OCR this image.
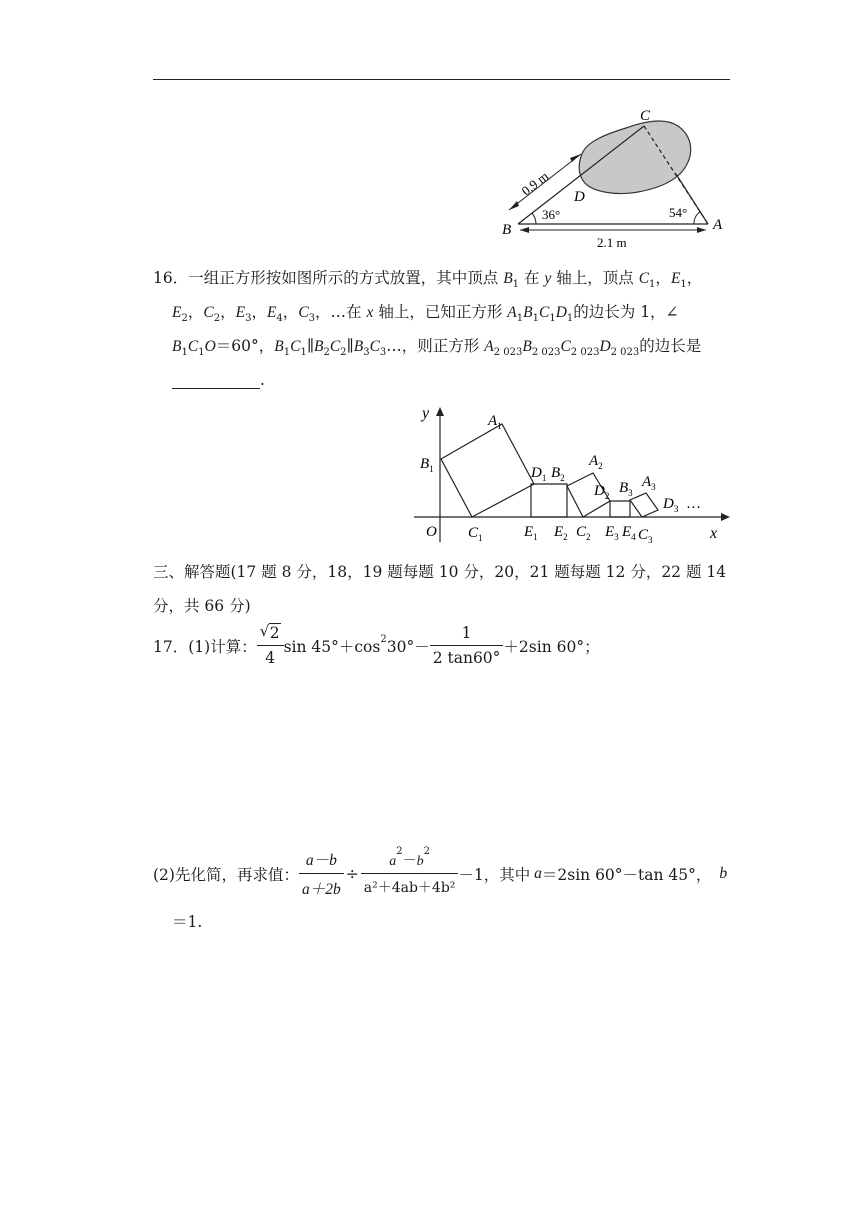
C
D
B	A
0.9 m
2.1 m
36°	54°
16．一组正方形按如图所示的方式放置，其中顶点 $B_1$ 在 y 轴上，顶点 $C_1$，$E_1$，
$E_2$，$C_2$，$E_3$，$E_4$，$C_3$，…在 x 轴上，已知正方形 $A_1B_1C_1D_1$的边长为 1，∠
$B_1C_1O=60^\circ$，$B_1C_1\parallel B_2C_2\parallel B_3C_3\dots$，则正方形 $A_{2 023}B_{2 023}C_{2 023}D_{2 023}$的边长是
.
y
x
O
…
$A_1$
$B_1$
$C_1$
$D_1$ $B_2$
$E_1$ $E_2$
$A_2$
$D_2$
$C_2$
$B_3$
$A_3$
$D_3$
$E_3$ $E_4$ $C_3$
三、解答题(17 题 8 分，18，19 题每题 10 分，20，21 题每题 12 分，22 题 14
分，共 66 分)
17． (1)计算： $\frac{√ 2}{4}$ $\sin 45^\circ+\cos^2$ $30^\circ- \frac{1}{2 \tan 60^\circ} +2\sin$ 60°；
(2)先化简，再求值： $\frac{a-b}{a+2b} \div \frac{a^2-b^2}{\text{a²＋4ab＋4b²}} -1$，其中 a ＝2sin 60°－tan 45°， b
＝1.
